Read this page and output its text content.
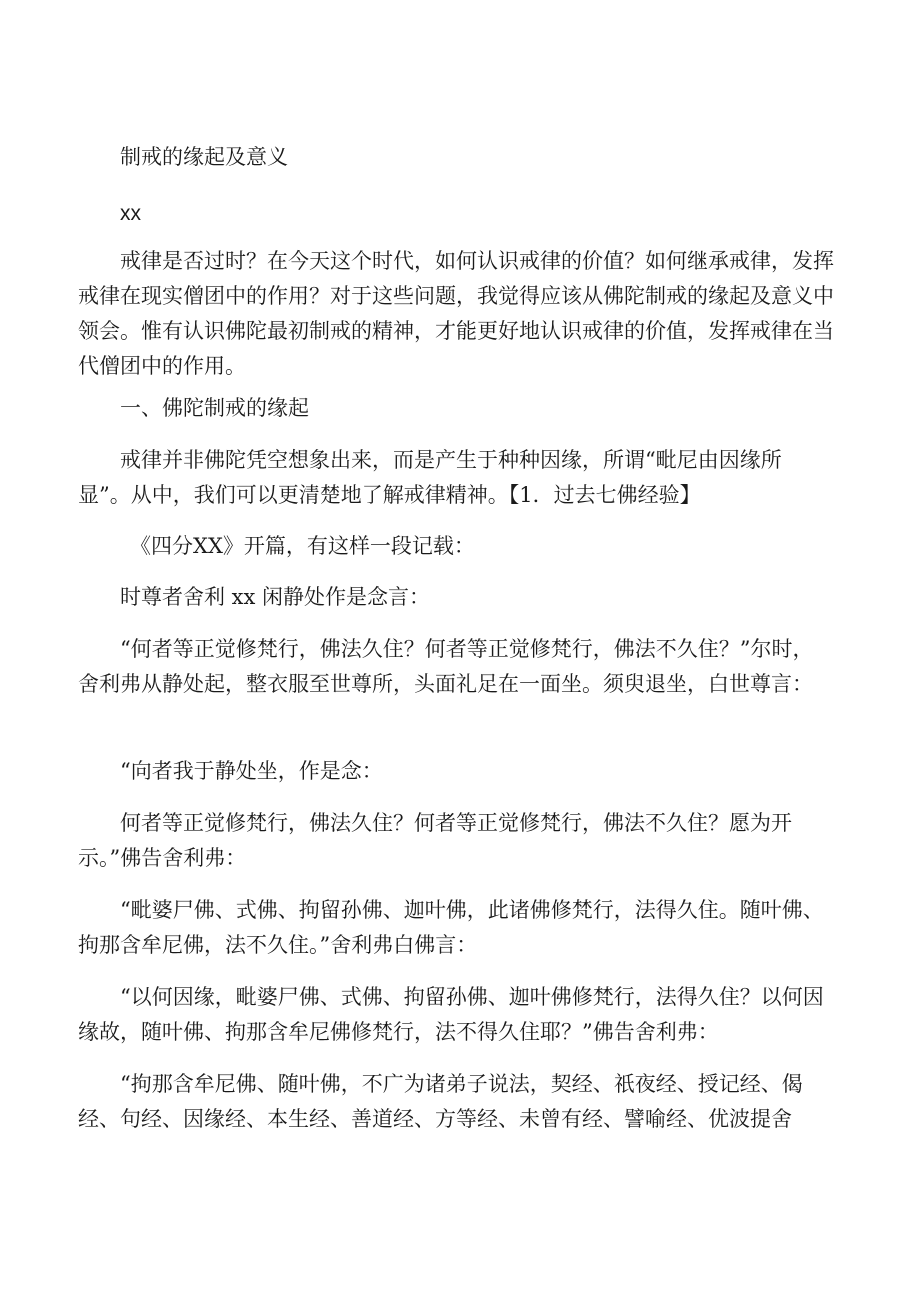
制戒的缘起及意义

xx

戒律是否过时？在今天这个时代，如何认识戒律的价值？如何继承戒律，发挥戒律在现实僧团中的作用？对于这些问题，我觉得应该从佛陀制戒的缘起及意义中领会。惟有认识佛陀最初制戒的精神，才能更好地认识戒律的价值，发挥戒律在当代僧团中的作用。

一、佛陀制戒的缘起

戒律并非佛陀凭空想象出来，而是产生于种种因缘，所谓“毗尼由因缘所显”。从中，我们可以更清楚地了解戒律精神。【1．过去七佛经验】

《四分XX》开篇，有这样一段记载：

时尊者舍利 xx 闲静处作是念言：

“何者等正觉修梵行，佛法久住？何者等正觉修梵行，佛法不久住？”尔时，舍利弗从静处起，整衣服至世尊所，头面礼足在一面坐。须臾退坐，白世尊言：

“向者我于静处坐，作是念：

何者等正觉修梵行，佛法久住？何者等正觉修梵行，佛法不久住？愿为开示。”佛告舍利弗：

“毗婆尸佛、式佛、拘留孙佛、迦叶佛，此诸佛修梵行，法得久住。随叶佛、拘那含牟尼佛，法不久住。”舍利弗白佛言：

“以何因缘，毗婆尸佛、式佛、拘留孙佛、迦叶佛修梵行，法得久住？以何因缘故，随叶佛、拘那含牟尼佛修梵行，法不得久住耶？”佛告舍利弗：

“拘那含牟尼佛、随叶佛，不广为诸弟子说法，契经、祇夜经、授记经、偈经、句经、因缘经、本生经、善道经、方等经、未曾有经、譬喻经、优波提舍
